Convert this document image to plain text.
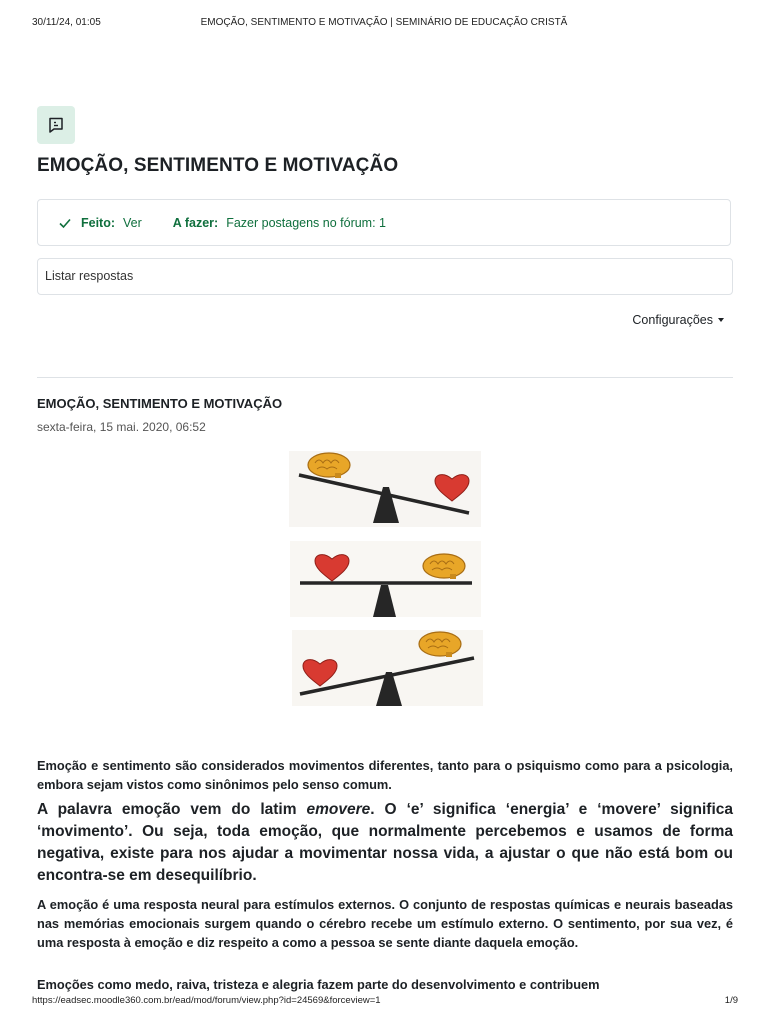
30/11/24, 01:05	EMOÇÃO, SENTIMENTO E MOTIVAÇÃO | SEMINÁRIO DE EDUCAÇÃO CRISTÃ
EMOÇÃO, SENTIMENTO E MOTIVAÇÃO
Feito: Ver A fazer: Fazer postagens no fórum: 1
Listar respostas
Configurações
EMOÇÃO, SENTIMENTO E MOTIVAÇÃO
sexta-feira, 15 mai. 2020, 06:52

Emoção e sentimento são considerados movimentos diferentes, tanto para o psiquismo como para a psicologia, embora sejam vistos como sinônimos pelo senso comum.

A palavra emoção vem do latim emovere. O ‘e’ significa ‘energia’ e ‘movere’ significa ‘movimento’. Ou seja, toda emoção, que normalmente percebemos e usamos de forma negativa, existe para nos ajudar a movimentar nossa vida, a ajustar o que não está bom ou encontra-se em desequilíbrio.

A emoção é uma resposta neural para estímulos externos. O conjunto de respostas químicas e neurais baseadas nas memórias emocionais surgem quando o cérebro recebe um estímulo externo. O sentimento, por sua vez, é uma resposta à emoção e diz respeito a como a pessoa se sente diante daquela emoção.

Emoções como medo, raiva, tristeza e alegria fazem parte do desenvolvimento e contribuem

https://eadsec.moodle360.com.br/ead/mod/forum/view.php?id=24569&forceview=1	1/9
